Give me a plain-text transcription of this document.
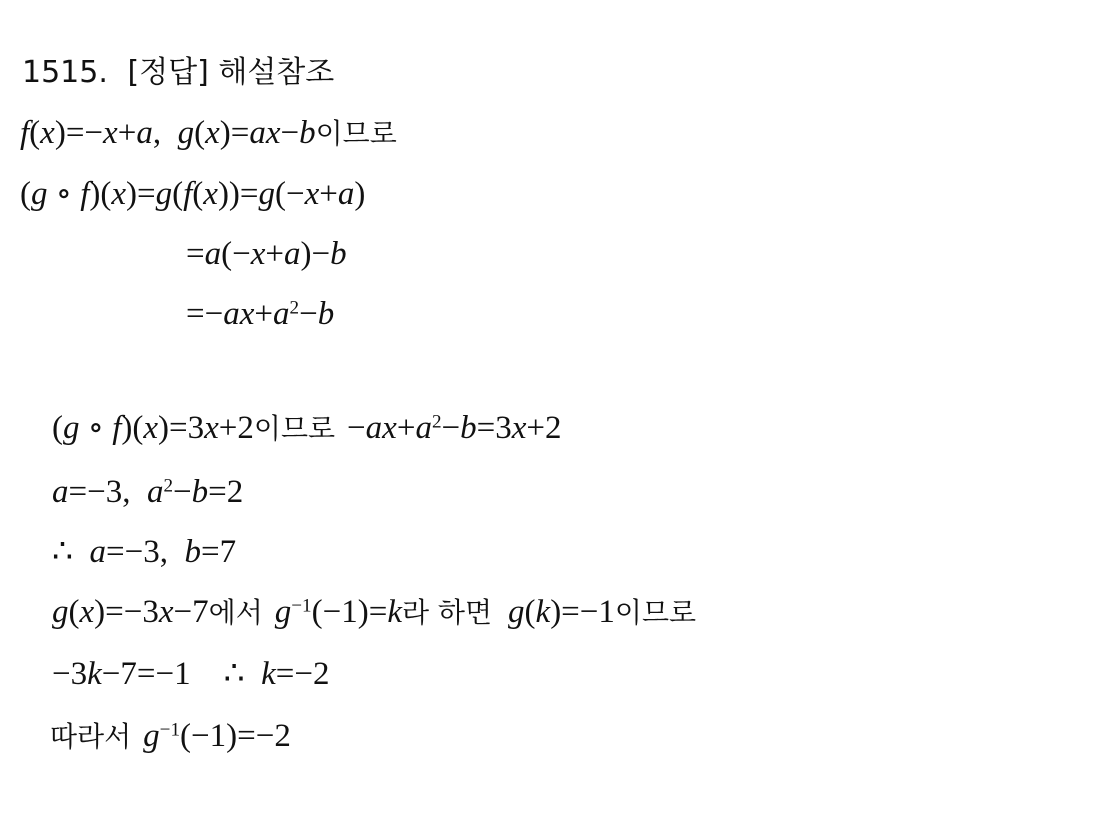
1515. [정답] 해설참조
f(x)=−x+a,  g(x)=ax−b이므로
(g ∘ f)(x)=g(f(x))=g(−x+a)
=a(−x+a)−b
$=-ax+a^2-b$
(g ∘ f)(x)=3x+2이므로 $-ax+a^2-b=3x+2$
a=−3,  $a^2-b=2$
∴  a=−3,  b=7
g(x)=−3x−7에서 $g^{-1}(-1)=k$라 하면 g(k)=−1이므로
−3k−7=−1    ∴  k=−2
따라서 $g^{-1}(-1)=-2$
